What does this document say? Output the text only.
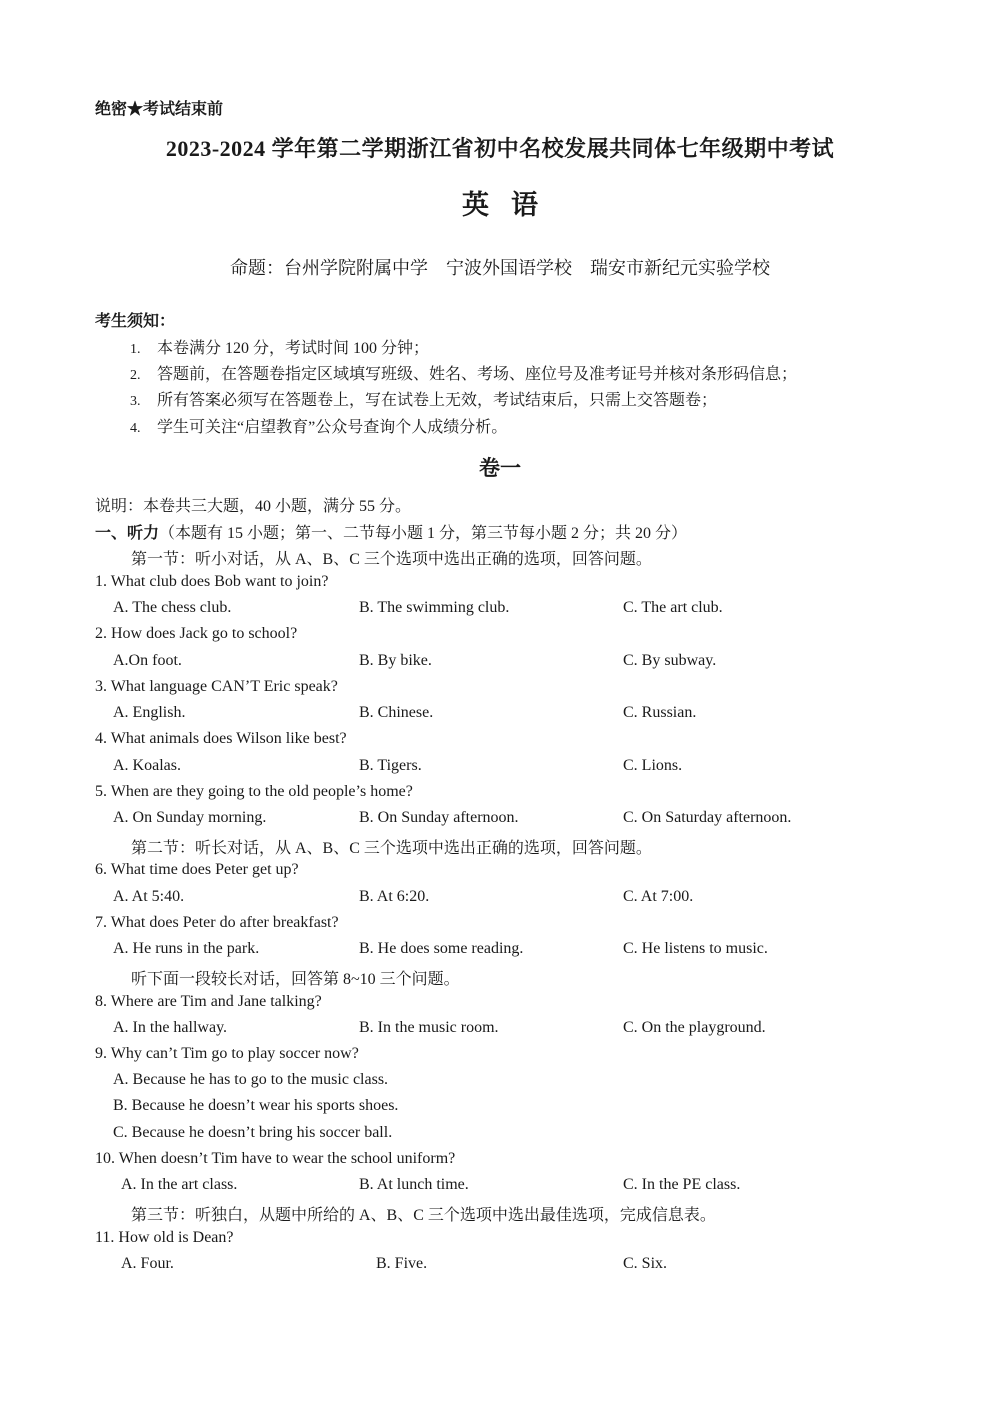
绝密★考试结束前
2023-2024 学年第二学期浙江省初中名校发展共同体七年级期中考试
英语
命题：台州学院附属中学　宁波外国语学校　瑞安市新纪元实验学校
考生须知：
1. 本卷满分 120 分，考试时间 100 分钟；
2. 答题前，在答题卷指定区域填写班级、姓名、考场、座位号及准考证号并核对条形码信息；
3. 所有答案必须写在答题卷上，写在试卷上无效，考试结束后，只需上交答题卷；
4. 学生可关注“启望教育”公众号查询个人成绩分析。
卷一
说明：本卷共三大题，40 小题，满分 55 分。
一、听力（本题有 15 小题；第一、二节每小题 1 分，第三节每小题 2 分；共 20 分）
第一节：听小对话，从 A、B、C 三个选项中选出正确的选项，回答问题。
1. What club does Bob want to join?
A. The chess club.	B. The swimming club.	C. The art club.
2. How does Jack go to school?
A.On foot.	B. By bike.	C. By subway.
3. What language CAN’T Eric speak?
A. English.	B. Chinese.	C. Russian.
4. What animals does Wilson like best?
A. Koalas.	B. Tigers.	C. Lions.
5. When are they going to the old people’s home?
A. On Sunday morning.	B. On Sunday afternoon.	C. On Saturday afternoon.
第二节：听长对话，从 A、B、C 三个选项中选出正确的选项，回答问题。
6. What time does Peter get up?
A. At 5:40.	B. At 6:20.	C. At 7:00.
7. What does Peter do after breakfast?
A. He runs in the park.	B. He does some reading.	C. He listens to music.
听下面一段较长对话，回答第 8~10 三个问题。
8. Where are Tim and Jane talking?
A. In the hallway.	B. In the music room.	C. On the playground.
9. Why can’t Tim go to play soccer now?
A. Because he has to go to the music class.
B. Because he doesn’t wear his sports shoes.
C. Because he doesn’t bring his soccer ball.
10. When doesn’t Tim have to wear the school uniform?
A. In the art class.	B. At lunch time.	C. In the PE class.
第三节：听独白，从题中所给的 A、B、C 三个选项中选出最佳选项，完成信息表。
11. How old is Dean?
A. Four.	B. Five.	C. Six.
